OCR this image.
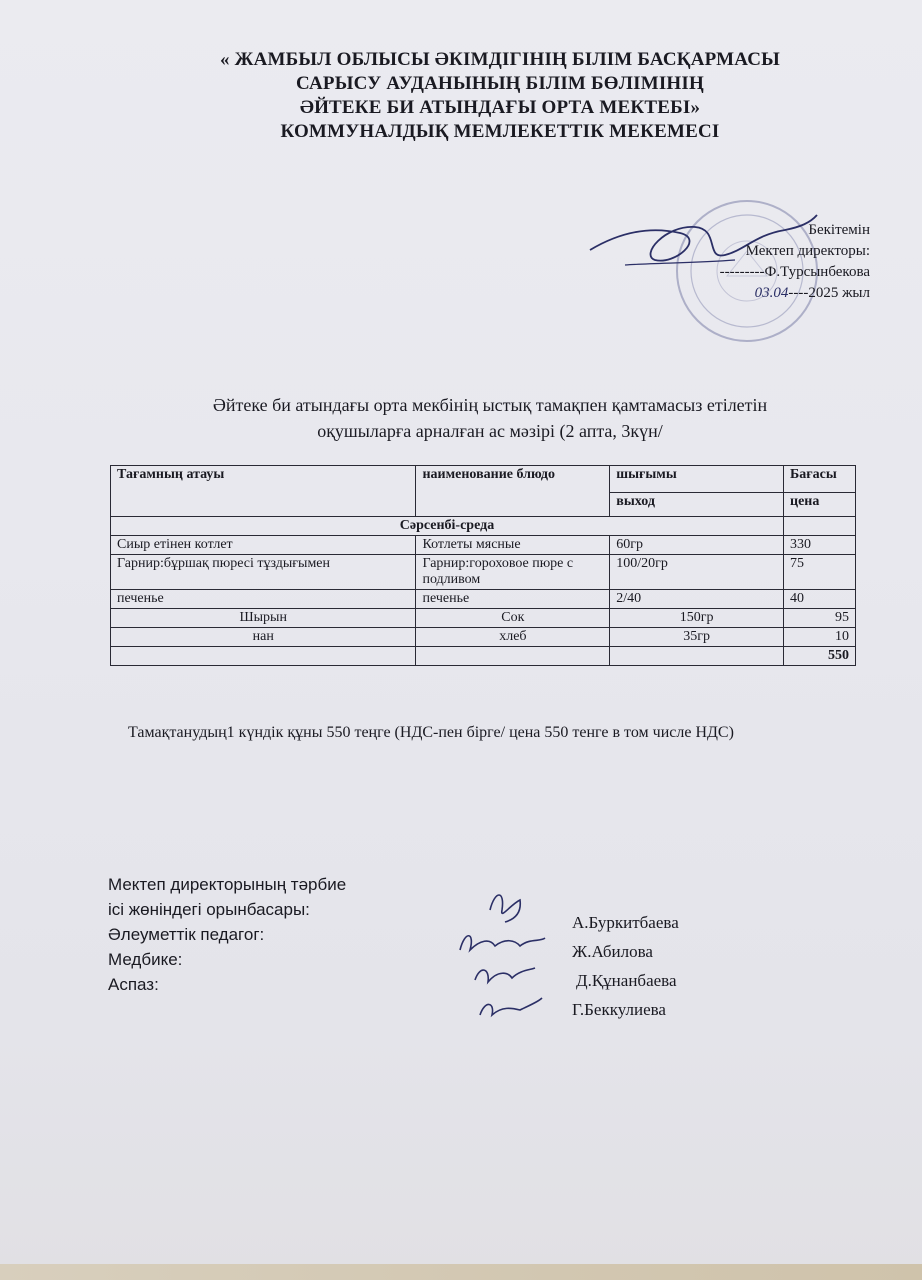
« ЖАМБЫЛ ОБЛЫСЫ ӘКІМДІГІНІҢ БІЛІМ БАСҚАРМАСЫ
САРЫСУ АУДАНЫНЫҢ БІЛІМ БӨЛІМІНІҢ
ӘЙТЕКЕ БИ АТЫНДАҒЫ ОРТА МЕКТЕБІ»
КОММУНАЛДЫҚ МЕМЛЕКЕТТІК МЕКЕМЕСІ
Бекітемін
Мектеп директоры:
---------Ф.Турсынбекова
03.04----2025 жыл
Әйтеке би атындағы орта мекбінің ыстық тамақпен қамтамасыз етілетін
оқушыларға арналған ас мәзірі (2 апта, 3күн/
Тағамның атауы	наименование блюдо	шығымы	Бағасы
		выход	цена
Сәрсенбі-среда			
Сиыр етінен котлет	Котлеты мясные	60гр	330
Гарнир:бұршақ пюресі тұздығымен	Гарнир:гороховое пюре с подливом	100/20гр	75
печенье	печенье	2/40	40
Шырын	Сок	150гр	95
нан	хлеб	35гр	10
			550
Тамақтанудың1 күндік құны 550 теңге (НДС-пен бірге/ цена 550 тенге в том числе НДС)
Мектеп директорының тәрбие
ісі жөніндегі орынбасары:
Әлеуметтік педагог:
Медбике:
Аспаз:
А.Буркитбаева
Ж.Абилова
Д.Құнанбаева
Г.Беккулиева
